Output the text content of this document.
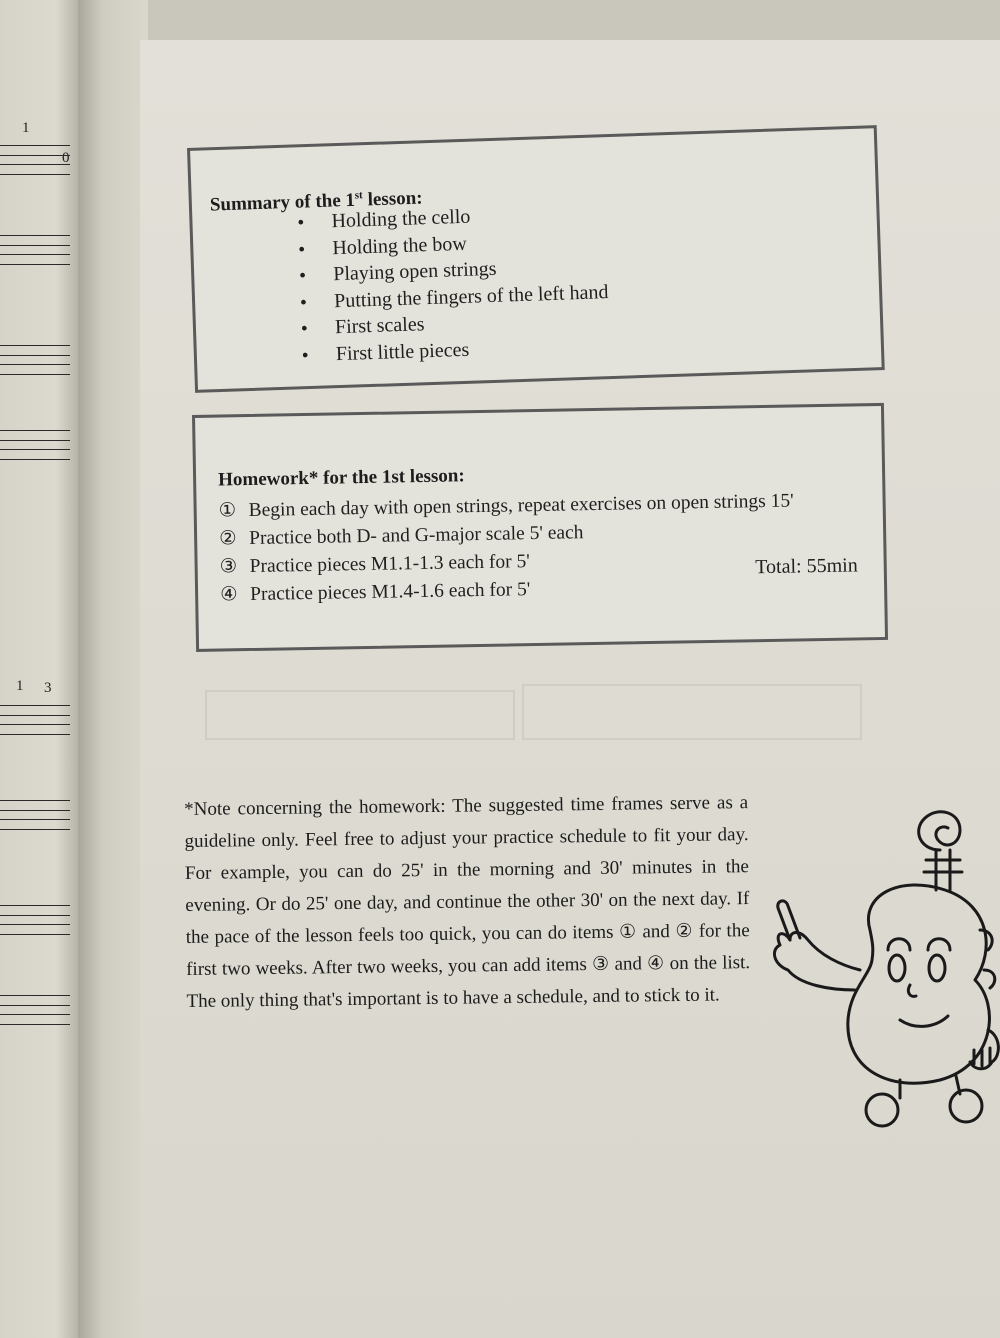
1
0
1 3
Summary of the 1st lesson:
● Holding the cello
● Holding the bow
● Playing open strings
● Putting the fingers of the left hand
● First scales
● First little pieces
Homework* for the 1st lesson:
① Begin each day with open strings, repeat exercises on open strings 15'
② Practice both D- and G-major scale 5' each
③ Practice pieces M1.1-1.3 each for 5'
④ Practice pieces M1.4-1.6 each for 5'
Total: 55min

*Note concerning the homework: The suggested time frames serve as a guideline only. Feel free to adjust your practice schedule to fit your day. For example, you can do 25' in the morning and 30' minutes in the evening. Or do 25' one day, and continue the other 30' on the next day. If the pace of the lesson feels too quick, you can do items ① and ② for the first two weeks. After two weeks, you can add items ③ and ④ on the list. The only thing that's important is to have a schedule, and to stick to it.
